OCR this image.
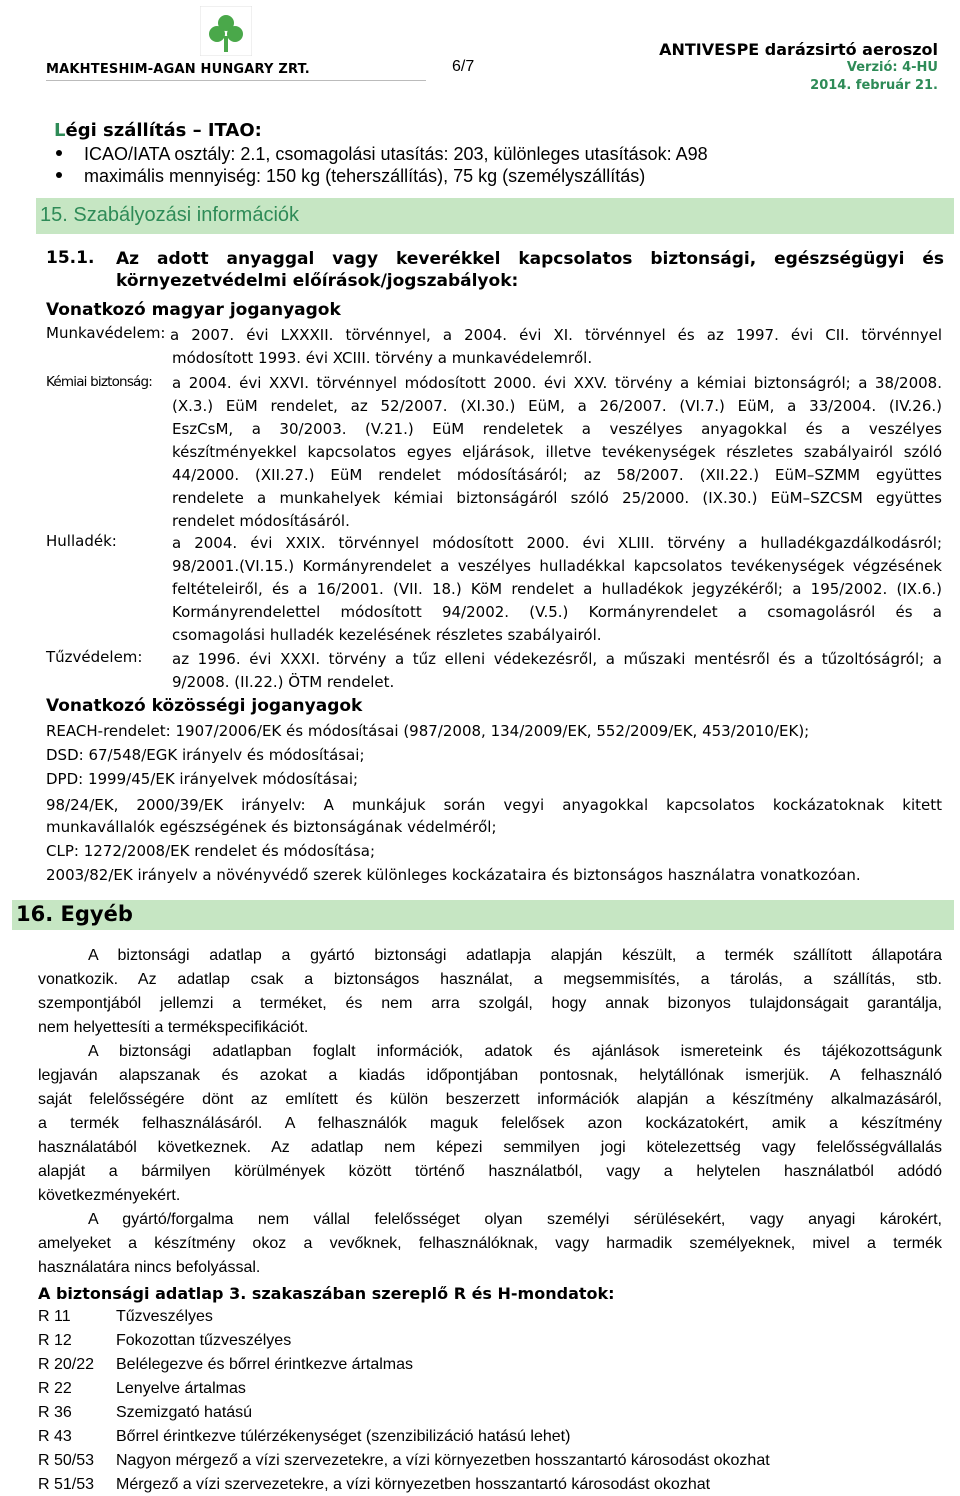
MAKHTESHIM-AGAN HUNGARY ZRT.	6/7
ANTIVESPE darázsirtó aeroszol
Verzió: 4-HU
2014. február 21.
Légi szállítás – ITAO:
ICAO/IATA osztály: 2.1, csomagolási utasítás: 203, különleges utasítások: A98
maximális mennyiség: 150 kg (teherszállítás), 75 kg (személyszállítás)
15. Szabályozási információk
15.1. Az adott anyaggal vagy keverékkel kapcsolatos biztonsági, egészségügyi és
környezetvédelmi előírások/jogszabályok:
Vonatkozó magyar joganyagok
Munkavédelem: a 2007. évi LXXXII. törvénnyel, a 2004. évi XI. törvénnyel és az 1997. évi CII. törvénnyel
módosított 1993. évi XCIII. törvény a munkavédelemről.
Kémiai biztonság: a 2004. évi XXVI. törvénnyel módosított 2000. évi XXV. törvény a kémiai biztonságról; a 38/2008.
(X.3.) EüM rendelet, az 52/2007. (XI.30.) EüM, a 26/2007. (VI.7.) EüM, a 33/2004. (IV.26.)
EszCsM, a 30/2003. (V.21.) EüM rendeletek a veszélyes anyagokkal és a veszélyes
készítményekkel kapcsolatos egyes eljárások, illetve tevékenységek részletes szabályairól szóló
44/2000. (XII.27.) EüM rendelet módosításáról; az 58/2007. (XII.22.) EüM–SZMM együttes
rendelete a munkahelyek kémiai biztonságáról szóló 25/2000. (IX.30.) EüM–SZCSM együttes
rendelet módosításáról.
Hulladék:	a 2004. évi XXIX. törvénnyel módosított 2000. évi XLIII. törvény a hulladékgazdálkodásról;
98/2001.(VI.15.) Kormányrendelet a veszélyes hulladékkal kapcsolatos tevékenységek végzésének
feltételeiről, és a 16/2001. (VII. 18.) KöM rendelet a hulladékok jegyzékéről; a 195/2002. (IX.6.)
Kormányrendelettel módosított 94/2002. (V.5.) Kormányrendelet a csomagolásról és a
csomagolási hulladék kezelésének részletes szabályairól.
Tűzvédelem: az 1996. évi XXXI. törvény a tűz elleni védekezésről, a műszaki mentésről és a tűzoltóságról; a
9/2008. (II.22.) ÖTM rendelet.
Vonatkozó közösségi joganyagok
REACH-rendelet: 1907/2006/EK és módosításai (987/2008, 134/2009/EK, 552/2009/EK, 453/2010/EK);
DSD: 67/548/EGK irányelv és módosításai;
DPD: 1999/45/EK irányelvek módosításai;
98/24/EK, 2000/39/EK irányelv: A munkájuk során vegyi anyagokkal kapcsolatos kockázatoknak kitett
munkavállalók egészségének és biztonságának védelméről;
CLP: 1272/2008/EK rendelet és módosítása;
2003/82/EK irányelv a növényvédő szerek különleges kockázataira és biztonságos használatra vonatkozóan.
16. Egyéb
A biztonsági adatlap a gyártó biztonsági adatlapja alapján készült, a termék szállított állapotára
vonatkozik. Az adatlap csak a biztonságos használat, a megsemmisítés, a tárolás, a szállítás, stb.
szempontjából jellemzi a terméket, és nem arra szolgál, hogy annak bizonyos tulajdonságait garantálja,
nem helyettesíti a termékspecifikációt.
A biztonsági adatlapban foglalt információk, adatok és ajánlások ismereteink és tájékozottságunk
legjaván alapszanak és azokat a kiadás időpontjában pontosnak, helytállónak ismerjük. A felhasználó
saját felelősségére dönt az említett és külön beszerzett információk alapján a készítmény alkalmazásáról,
a termék felhasználásáról. A felhasználók maguk felelősek azon kockázatokért, amik a készítmény
használatából következnek. Az adatlap nem képezi semmilyen jogi kötelezettség vagy felelősségvállalás
alapját a bármilyen körülmények között történő használatból, vagy a helytelen használatból adódó
következményekért.
A gyártó/forgalma nem vállal felelősséget olyan személyi sérülésekért, vagy anyagi károkért,
amelyeket a készítmény okoz a vevőknek, felhasználóknak, vagy harmadik személyeknek, mivel a termék
használatára nincs befolyással.
A biztonsági adatlap 3. szakaszában szereplő R és H-mondatok:
R 11	Tűzveszélyes
R 12	Fokozottan tűzveszélyes
R 20/22 Belélegezve és bőrrel érintkezve ártalmas
R 22	Lenyelve ártalmas
R 36	Szemizgató hatású
R 43	Bőrrel érintkezve túlérzékenységet (szenzibilizáció hatású lehet)
R 50/53 Nagyon mérgező a vízi szervezetekre, a vízi környezetben hosszantartó károsodást okozhat
R 51/53 Mérgező a vízi szervezetekre, a vízi környezetben hosszantartó károsodást okozhat
